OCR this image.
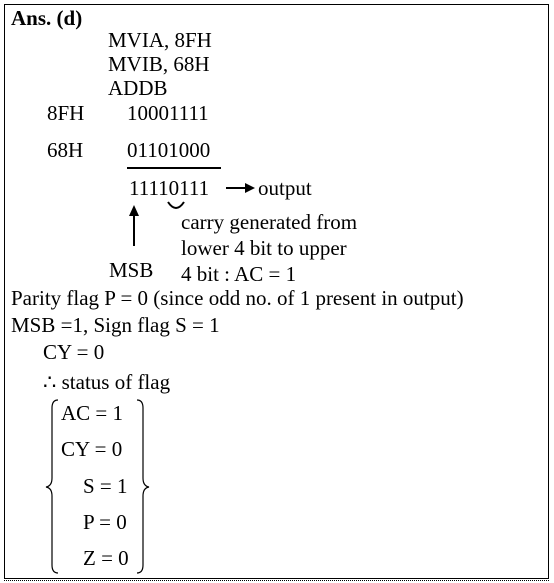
Ans. (d)
MVIA, 8FH
MVIB, 68H
ADDB
8FH 10001111
68H 01101000
11110111 output
carry generated from
lower 4 bit to upper
4 bit : AC = 1
MSB
Parity flag P = 0 (since odd no. of 1 present in output)
MSB =1, Sign flag S = 1
CY = 0
∴ status of flag
AC = 1
CY = 0
S = 1
P = 0
Z = 0
